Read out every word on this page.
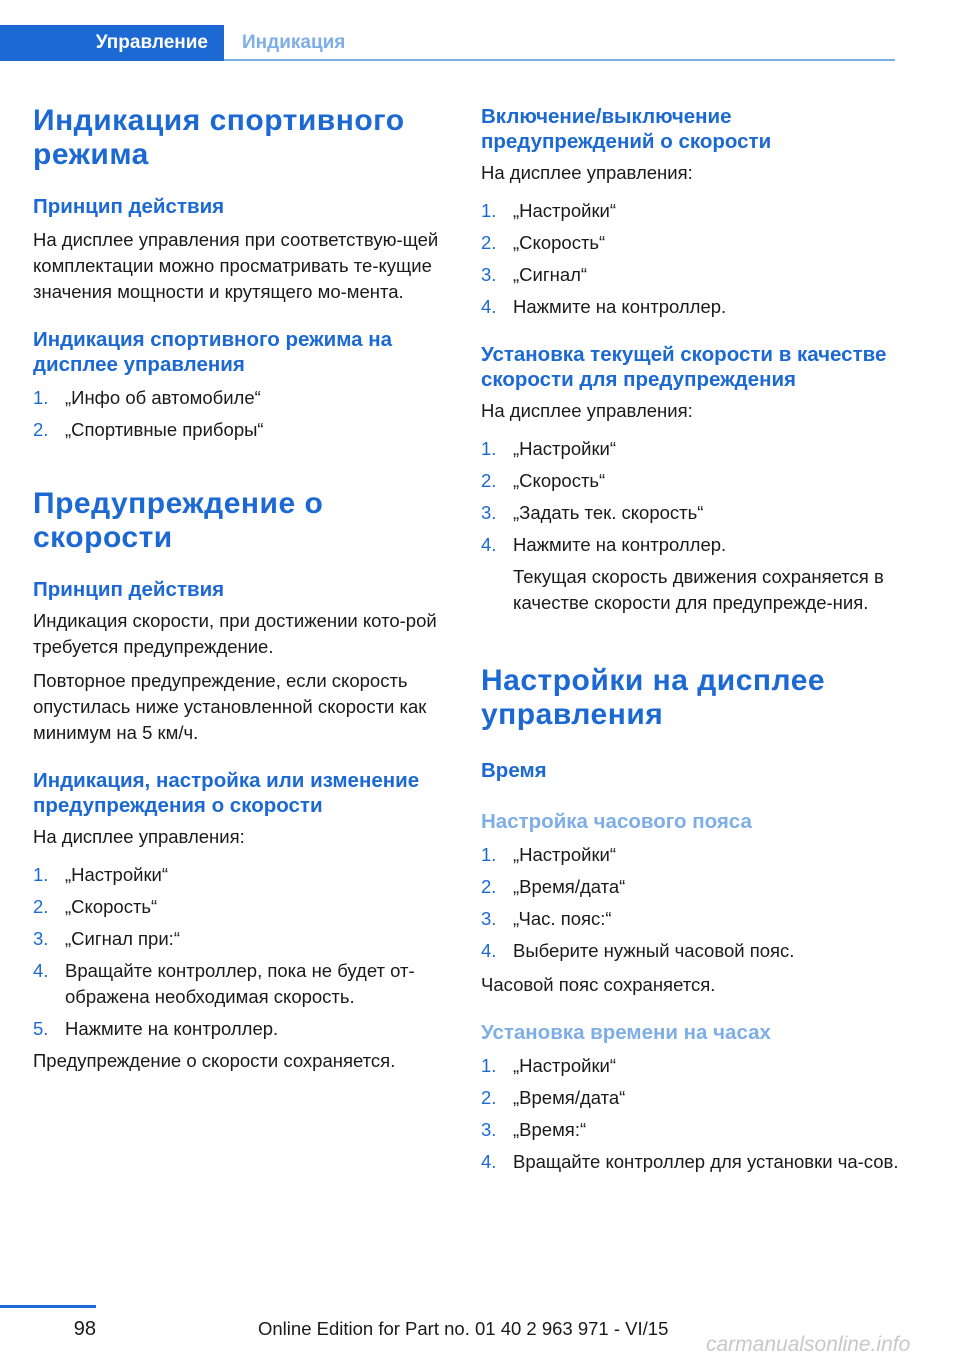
Управление	Индикация
Индикация спортивного режима
Принцип действия

На дисплее управления при соответствую‐щей комплектации можно просматривать те‐кущие значения мощности и крутящего мо‐мента.

Индикация спортивного режима на дисплее управления
1. „Инфо об автомобиле“
2. „Спортивные приборы“
Предупреждение о скорости
Принцип действия

Индикация скорости, при достижении кото‐рой требуется предупреждение.

Повторное предупреждение, если скорость опустилась ниже установленной скорости как минимум на 5 км/ч.

Индикация, настройка или изменение предупреждения о скорости

На дисплее управления:

1. „Настройки“
2. „Скорость“
3. „Сигнал при:“
4. Вращайте контроллер, пока не будет от‐ображена необходимая скорость.
5. Нажмите на контроллер.

Предупреждение о скорости сохраняется.

Включение/выключение предупреждений о скорости

На дисплее управления:

1. „Настройки“
2. „Скорость“
3. „Сигнал“
4. Нажмите на контроллер.
Установка текущей скорости в качестве скорости для предупреждения

На дисплее управления:

1. „Настройки“
2. „Скорость“
3. „Задать тек. скорость“
4. Нажмите на контроллер.

Текущая скорость движения сохраняется в качестве скорости для предупрежде‐ния.

Настройки на дисплее управления
Время
Настройка часового пояса
1. „Настройки“
2. „Время/дата“
3. „Час. пояс:“
4. Выберите нужный часовой пояс.

Часовой пояс сохраняется.

Установка времени на часах
1. „Настройки“
2. „Время/дата“
3. „Время:“
4. Вращайте контроллер для установки ча‐сов.
98	Online Edition for Part no. 01 40 2 963 971 - VI/15
carmanualsonline.info
